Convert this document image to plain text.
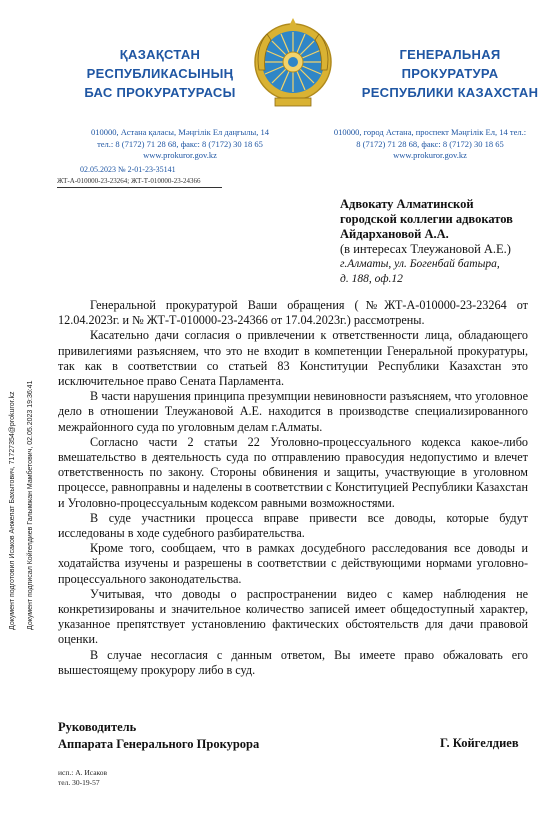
ҚАЗАҚСТАН
РЕСПУБЛИКАСЫНЫҢ
БАС ПРОКУРАТУРАСЫ
ГЕНЕРАЛЬНАЯ
ПРОКУРАТУРА
РЕСПУБЛИКИ КАЗАХСТАН
010000, Астана қаласы, Мәңгілік Ел даңғылы, 14
тел.: 8 (7172) 71 28 68, факс: 8 (7172) 30 18 65
www.prokuror.gov.kz
010000, город Астана, проспект Мәңгілік Ел, 14 тел.:
8 (7172) 71 28 68, факс: 8 (7172) 30 18 65
www.prokuror.gov.kz
02.05.2023 № 2-01-23-35141
ЖТ-А-010000-23-23264; ЖТ-Т-010000-23-24366
Адвокату Алматинской
городской коллегии адвокатов
Айдархановой А.А.
(в интересах Тлеужановой А.Е.)
г.Алматы, ул. Богенбай батыра,
д. 188, оф.12
Документ подготовил Исаков Анжелат Бахытович, 71727354@prokuror.kz Документ подписал Койгелдиев Галымжан Мамбетович, 02.05.2023 19:36:41

Генеральной прокуратурой Ваши обращения (№ЖТ-А-010000-23-23264 от 12.04.2023г. и № ЖТ-Т-010000-23-24366 от 17.04.2023г.) рассмотрены.

Касательно дачи согласия о привлечении к ответственности лица, обладающего привилегиями разъясняем, что это не входит в компетенции Генеральной прокуратуры, так как в соответствии со статьей 83 Конституции Республики Казахстан это исключительное право Сената Парламента.

В части нарушения принципа презумпции невиновности разъясняем, что уголовное дело в отношении Тлеужановой А.Е. находится в производстве специализированного межрайонного суда по уголовным делам г.Алматы.

Согласно части 2 статьи 22 Уголовно-процессуального кодекса какое-либо вмешательство в деятельность суда по отправлению правосудия недопустимо и влечет ответственность по закону. Стороны обвинения и защиты, участвующие в уголовном процессе, равноправны и наделены в соответствии с Конституцией Республики Казахстан и Уголовно-процессуальным кодексом равными возможностями.

В суде участники процесса вправе привести все доводы, которые будут исследованы в ходе судебного разбирательства.

Кроме того, сообщаем, что в рамках досудебного расследования все доводы и ходатайства изучены и разрешены в соответствии с действующими нормами уголовно-процессуального законодательства.

Учитывая, что доводы о распространении видео с камер наблюдения не конкретизированы и значительное количество записей имеет общедоступный характер, указанное препятствует установлению фактических обстоятельств для дачи правовой оценки.

В случае несогласия с данным ответом, Вы имеете право обжаловать его вышестоящему прокурору либо в суд.

Руководитель
Аппарата Генерального Прокурора	Г. Койгелдиев
исп.: А. Исаков
тел. 30-19-57
